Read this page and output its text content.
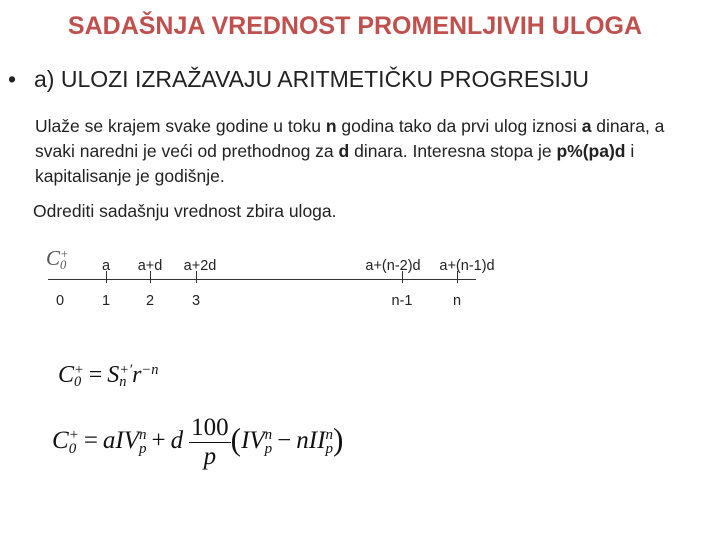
SADAŠNJA VREDNOST PROMENLJIVIH ULOGA
• a) ULOZI IZRAŽAVAJU ARITMETIČKU PROGRESIJU
Ulaže se krajem svake godine u toku n godina tako da prvi ulog iznosi a dinara, a svaki naredni je veći od prethodnog za d dinara. Interesna stopa je p%(pa)d i kapitalisanje je godišnje.
Odrediti sadašnju vrednost zbira uloga.
C +
0 a a+d a+2d	a+(n-2)d a+(n-1)d
0	1 2	3	n-1	n
C +
0 = S +′
n $r^{-n}$
C +
0 = aIV n
p + d $\frac{100}{p} (IV$ n
p − nII n
p )
